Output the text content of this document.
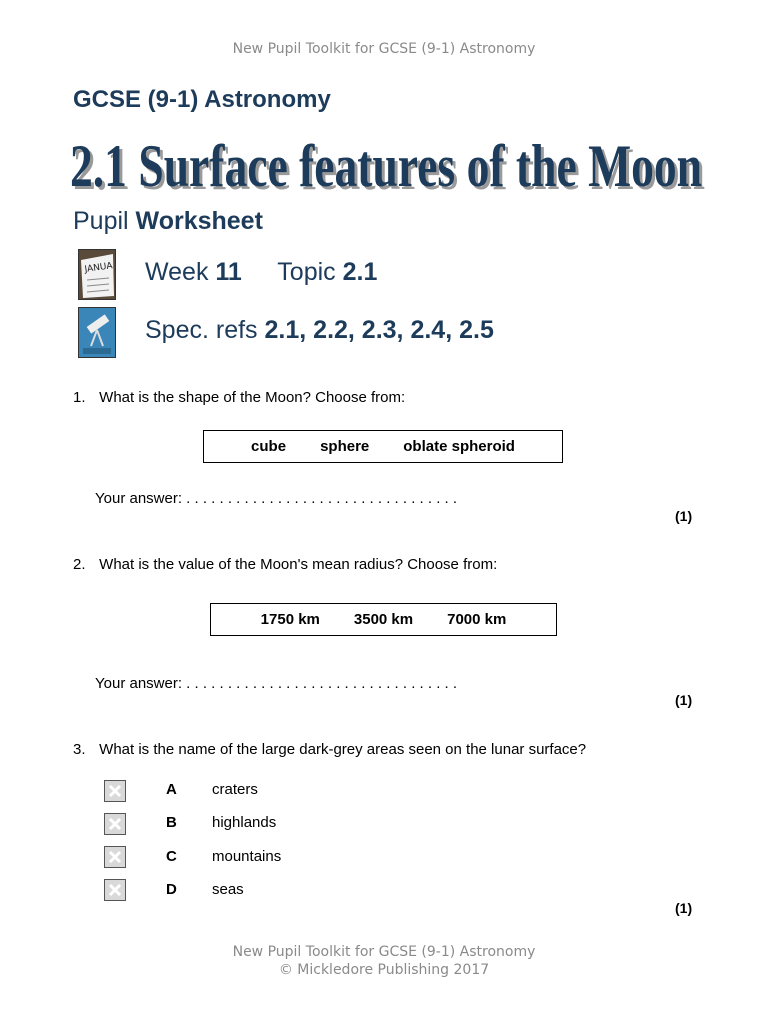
New Pupil Toolkit for GCSE (9-1) Astronomy
GCSE (9-1) Astronomy
2.1 Surface features of the Moon
2.1 Surface features of the Moon
Pupil Worksheet
JANUA Week 11 Topic 2.1
Spec. refs 2.1, 2.2, 2.3, 2.4, 2.5
1. What is the shape of the Moon? Choose from:
cube sphere oblate spheroid
Your answer: . . . . . . . . . . . . . . . . . . . . . . . . . . . . . . . . .
(1)
2. What is the value of the Moon's mean radius? Choose from:
1750 km 3500 km 7000 km
Your answer: . . . . . . . . . . . . . . . . . . . . . . . . . . . . . . . . .
(1)
3. What is the name of the large dark-grey areas seen on the lunar surface?
A craters
B highlands
C mountains
D seas
(1)
New Pupil Toolkit for GCSE (9-1) Astronomy
© Mickledore Publishing 2017
